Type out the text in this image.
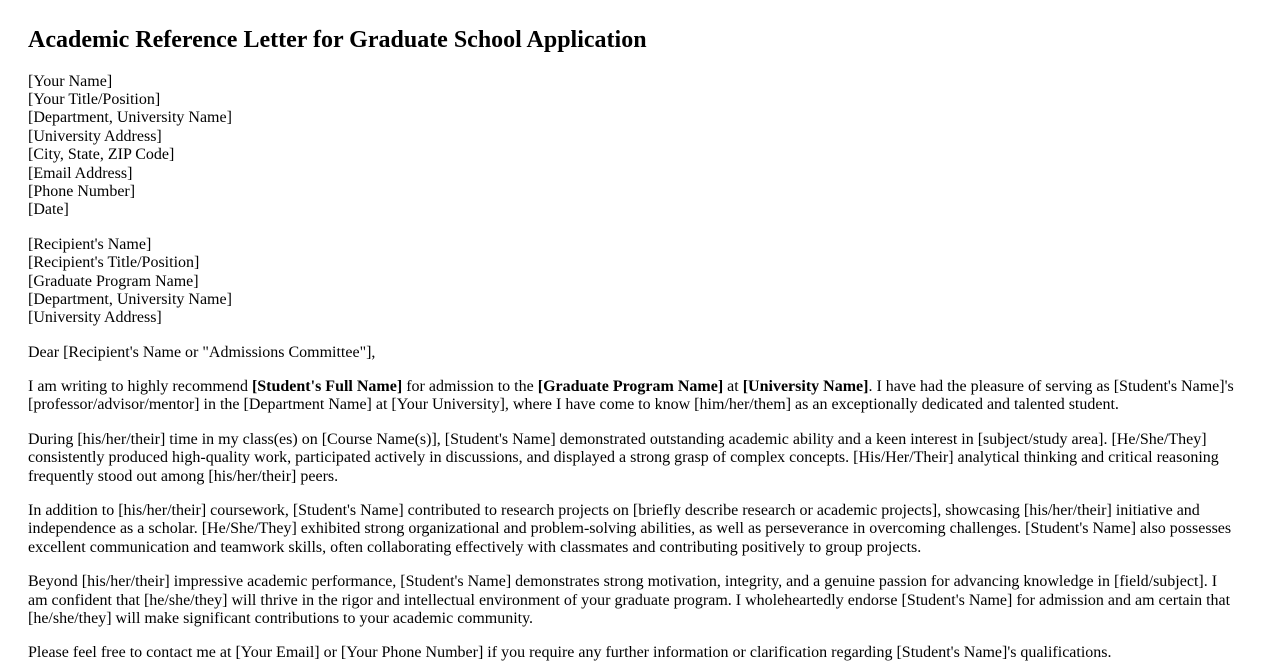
Academic Reference Letter for Graduate School Application
[Your Name]
[Your Title/Position]
[Department, University Name]
[University Address]
[City, State, ZIP Code]
[Email Address]
[Phone Number]
[Date]
[Recipient's Name]
[Recipient's Title/Position]
[Graduate Program Name]
[Department, University Name]
[University Address]

Dear [Recipient's Name or "Admissions Committee"],

I am writing to highly recommend [Student's Full Name] for admission to the [Graduate Program Name] at [University Name]. I have had the pleasure of serving as [Student's Name]'s [professor/advisor/mentor] in the [Department Name] at [Your University], where I have come to know [him/her/them] as an exceptionally dedicated and talented student.

During [his/her/their] time in my class(es) on [Course Name(s)], [Student's Name] demonstrated outstanding academic ability and a keen interest in [subject/study area]. [He/She/They] consistently produced high-quality work, participated actively in discussions, and displayed a strong grasp of complex concepts. [His/Her/Their] analytical thinking and critical reasoning frequently stood out among [his/her/their] peers.

In addition to [his/her/their] coursework, [Student's Name] contributed to research projects on [briefly describe research or academic projects], showcasing [his/her/their] initiative and independence as a scholar. [He/She/They] exhibited strong organizational and problem-solving abilities, as well as perseverance in overcoming challenges. [Student's Name] also possesses excellent communication and teamwork skills, often collaborating effectively with classmates and contributing positively to group projects.

Beyond [his/her/their] impressive academic performance, [Student's Name] demonstrates strong motivation, integrity, and a genuine passion for advancing knowledge in [field/subject]. I am confident that [he/she/they] will thrive in the rigor and intellectual environment of your graduate program. I wholeheartedly endorse [Student's Name] for admission and am certain that [he/she/they] will make significant contributions to your academic community.

Please feel free to contact me at [Your Email] or [Your Phone Number] if you require any further information or clarification regarding [Student's Name]'s qualifications.
